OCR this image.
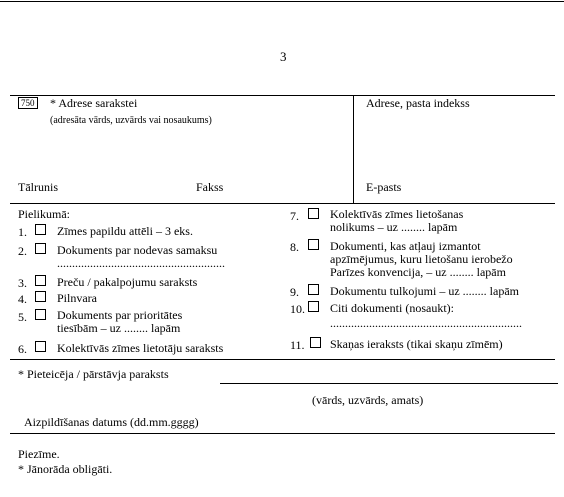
3
750 * Adrese sarakstei
(adresāta vārds, uzvārds vai nosaukums)
Adrese, pasta indekss
Tālrunis	Fakss	E-pasts
Pielikumā:
1.	Zīmes papildu attēli – 3 eks.
2.	Dokuments par nodevas samaksu
........................................................
3.	Preču / pakalpojumu saraksts
4.	Pilnvara
5.	Dokuments par prioritātes
tiesībām – uz ........ lapām
6.	Kolektīvās zīmes lietotāju saraksts
7.	Kolektīvās zīmes lietošanas
nolikums – uz ........ lapām
8.	Dokumenti, kas atļauj izmantot
apzīmējumus, kuru lietošanu ierobežo
Parīzes konvencija, – uz ........ lapām
9.	Dokumentu tulkojumi – uz ........ lapām
10. Citi dokumenti (nosaukt):
................................................................
11. Skaņas ieraksts (tikai skaņu zīmēm)
* Pieteicēja / pārstāvja paraksts
(vārds, uzvārds, amats)
Aizpildīšanas datums (dd.mm.gggg)
Piezīme.
* Jānorāda obligāti.
